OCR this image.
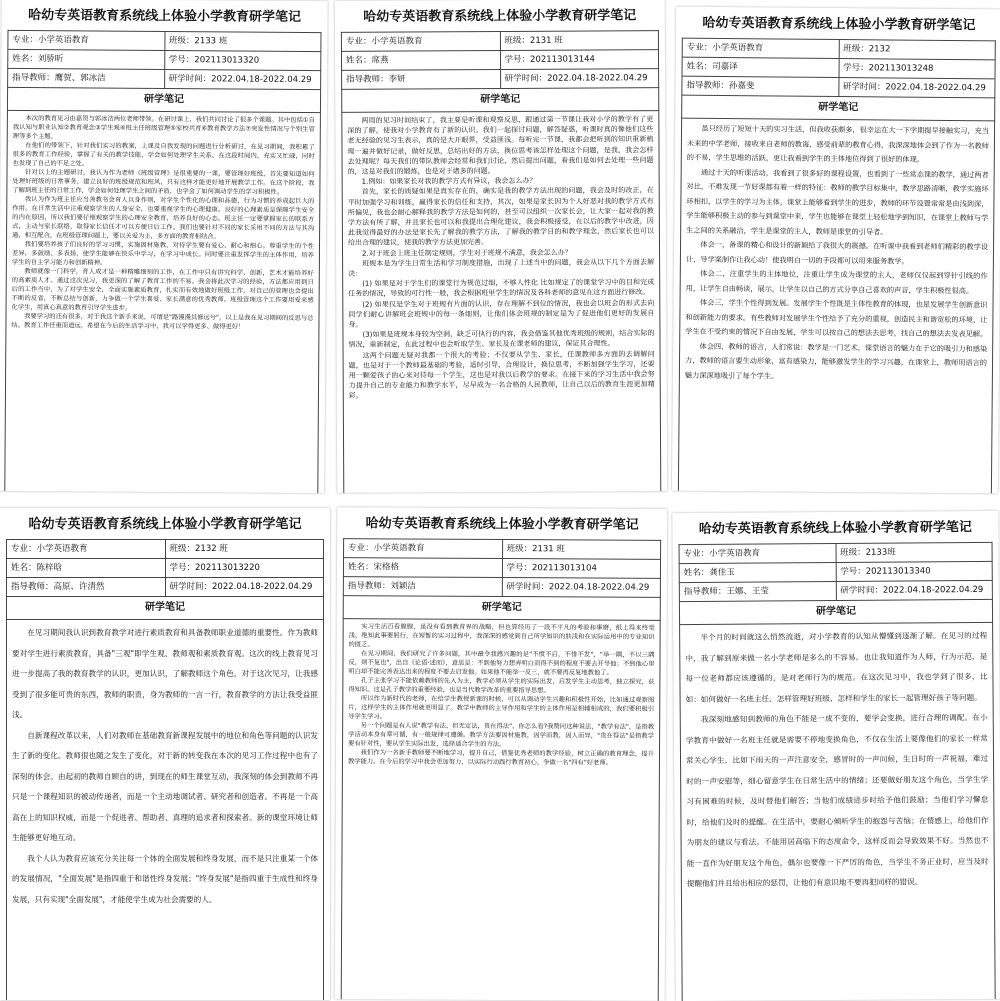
哈幼专英语教育系统线上体验小学教育研学笔记
专业：小学英语教育	班级：2133 班
姓名：刘骄昕	学号：202113013320
指导教师：鹰贺、郭冰洁	研学时间：2022.04.18-2022.04.29
研学笔记

本次的教育见习由嘉贺与郭冰洁两位老师带领。在研讨课上，我们共同讨论了很多个课题。其中包括①自我认知与职业认知②教育观念③学生观④班主任班级管理⑤家校共育⑥教育教学方法⑦突发性情况与个别生管理等多个主题。

在他们的带领下，针对我们实习的教案，上课及自我发现的问题进行分析研讨，在见习期间，我积累了很多的教育工作经验，掌握了有关的教学技能，学会如何处理学生关系。在这段时间内，充实又忙碌，同时也发现了自己的不足之处。

针对以上的主题研讨，我认为作为老师《班级管理》是很重要的一课，要管理好班级，首先要知道如何处理好班级的日常事务，建立良好的班级规范和班风，只有这样才能更好地开展教学工作。在这个阶段，我了解到班主任的日常工作，学会如何处理学生之间的矛盾，也学会了如何调动学生的学习积极性。

我认为作为班主任应当善教书会育人以身作则，对学生个性化的心理和品德，行为习惯的养成起巨大的作用。在日常生活中注重观察学生的人身安全，也要重视学生的心理健康。良好的心理素质是保障学生安全的内在原因，所以我们要仔细观察学生的心理安全教育，培养良好的心态。班主任一定要掌握家长的联系方式，主动与家长联络，取得家长信任才可以方便日后工作。我们也要针对不同的家长采用不同的方法与其沟通，相互配合，在班级管理问题上，要以关爱为主，多方面的教育相结合。

我们要培养孩子们良好的学习习惯，实施因材施教，对待学生要有爱心、耐心和细心。尊重学生的个性差异，多鼓励、多表扬，使学生能够在快乐中学习，在学习中成长。同时要注重发挥学生的主体作用，培养学生的自主学习能力和创新精神。

教师就像一门科学，育人成才是一种精雕细刻的工作，在工作中只有讲究科学、创新，艺术才能培养好的高素质人才。通过这次见习，我更深的了解了教育工作的不易。我会将此次学习的经验，方法都应用到日后的工作当中，为了对学生安全，全面实施素质教育，扎实而有效地做好班级工作，对自己的管理也会提出不断的反省，不断总结与创新，力争做一个学生喜爱、家长满意的优秀教师。班级管理这个工作要用爱来感化学生，用真心真意的教育引导学生进步。

我要学习的还有很多，对于我这个新手来说，可谓是"路漫漫其修远兮"，以上是我在见习期间的反思与总结。教育工作任重而道远，希望在今后的生活学习中，我可以学得更多、做得更好！

哈幼专英语教育系统线上体验小学教育研学笔记
专业：小学英语教育	班级：2131 班
姓名：席燕	学号：202113013144
指导教师：李妍	研学时间：2022.04.18-2022.04.29
研学笔记

两周的见习时间结束了，我主要是听课和观察反思，跟通过第一节课让我对小学的教学有了更深的了解，使我对小学教育有了新的认识。我们一起探讨问题，解答疑惑，听课时真的像他们这些老无经验的见习生表示，真的是大开眼界，受益匪浅。每听完一节课，我都会把听到的知识重新梳理一遍并做好记录，做好反思，总结出好的方法，换位思考该怎样处理这个问题，是我，我会怎样去处理呢？每天我们的带队教师会经常和我们讨论，然后提出问题，看我们是如何去处理一些问题的，这是对我们的锻炼，也是对于诸多的问题。

1.例如：如果家长对我的教学方式有异议，我会怎么办？

首先，家长的质疑如果是真实存在的，确实是我的教学方法出现的问题，我会及时的改正，在平时加强学习和训练，赢得家长的信任和支持，其次，如果是家长因为个人好恶对我的教学方式有所偏见，我也会耐心解释我的教学方法是如何的，甚至可以组织一次家长会，让大家一起对我的教学方法有所了解，并且家长也可以和我提出合理化建议，我会积极接受，在以后的教学中改进，因此我觉得最好的办法是家长先了解我的教学方法，了解我的教学目的和教学理念，然后家长也可以给出合理的建议，使我的教学方法更加完善。

2.对于班会上班主任制定规则，学生对于班规不满意，我会怎么办？

班规本是为学生日常生活和学习制度措施，出现了上述当中的问题，我会从以下几个方面去解决：

(1) 如果是对于学生们的课堂行为规范过细，不够人性化 比如规定了的课堂学习中的目和完成任务的情况，导致的可行性一般，我会根据班里学生的情况及各科老师的意见在这方面进行修改。

(2) 如果仅是学生对于班规有片面的认识，存在理解不到位的情况，我也会以班会的形式去向同学们耐心讲解班会班规中的每一条细则，让他们体会班规的制定是为了促进他们更好的发展自身。

(3)如果是班规本身较为空洞，缺乏可执行的内容，我会借鉴其他优秀班级的规则，结合实际的情况，重新制定，在此过程中也会听取学生、家长及在课老师的建议，保证其合理性。

这两个问题无疑对我都一个很大的考验；不仅要从学生、家长，任课教师多方面的去调解问题，也是对于一个教师最基础的考验，适时引导，合理设计，换位思考，不断加强学生学习，还要用一颗爱孩子的心来对待每一个学生，这也是对我以后教学的要求。在接下来的学习生活中我会努力提升自己的专业能力和教学水平，尽早成为一名合格的人民教师，让自己以后的教育生涯更加精彩。

哈幼专英语教育系统线上体验小学教育研学笔记
专业：小学英语教育	班级：2132
姓名：司嘉译	学号：202113013248
指导教师：孙嘉斐	研学时间：2022.04.18-2022.04.29
研学笔记

虽只经历了短短十天的实习生活，但我收获颇多，很幸运在大一下学期提早接触实习，充当未来的中学老师，接收来自老师的教诲，感受前辈的教育心得，我深深地体会到了作为一名教师的不易，学生思维的活跃，更让我看到学生的主体地位得到了很好的体现。

通过十天的听课活动，我看到了很多好的课程设置，也看到了一些常态课的教学，通过两者对比，不难发现一节好课都有着一样的特征：教师的教学目标集中，教学思路清晰，教学实施环环相扣，以学生的学习为主体，课堂上能够看到学生的进步，教师的环节设置常常是由浅到深，学生能够积极主动的参与到课堂中来，学生也能够在课堂上轻松地学到知识，在课堂上教师与学生之间的关系融洽，学生是课堂的主人，教师是课堂的引导者。

体会一，备课的精心和设计的新颖给了我很大的震撼。在听课中我看到老师们精彩的教学设计，导学案制作让我心动！使我明白一切的手段都可以用来服务教学。

体会二，注重学生的主体地位，注重让学生成为课堂的主人，老师仅仅起到穿针引线的作用，让学生自由畅谈，展示，让学生以自己的方式分享自己喜欢的声音，学生积极性很高。

体会三，学生个性得到发展。发展学生个性既是主体性教育的体现，也是发展学生创新意识和创新能力的要求。有些教师对发展学生个性给予了充分的重视，创造民主和谐宽松的环境，让学生在不受约束的情况下自由发展，学生可以按自己的想法去思考，找自己的想法去发表见解。

体会四，教师的语言，人们常说：教学是一门艺术，课堂语言的魅力在于它的吸引力和感染力，教师的语言要生动形象，富有感染力，能够激发学生的学习兴趣，在课堂上，教师用语言的魅力深深地吸引了每个学生。

哈幼专英语教育系统线上体验小学教育研学笔记
专业：小学英语教育	班级：2132 班
姓名：陈梓晗	学号：202113013220
指导教师：高原、许清然	研学时间：2022.04.18-2022.04.29
研学笔记

在见习期间我认识到教育教学对进行素质教育和具备教师职业道德的重要性。作为教师要对学生进行素质教育，具备"三观"即学生观、教师观和素质教育观。这次的线上教育见习进一步提高了我的教育教学的认识，更加认识，了解教师这个角色，对于这次见习，让我感受到了很多能可贵的东西，教师的职责，身为教师的一言一行，教育教学的方法让我受益匪浅。

自新课程改革以来，人们对教师在基础教育新课程发展中的地位和角色等问题的认识发生了新的变化。教师很也随之发生了变化，对于新的转变我在本次的见习工作过程中也有了深刻的体会。由起初的教师自顾自的讲，到现在的师生课堂互动，我深刻的体会到教师不再只是一个课程知识的被动传递者，而是一个主动地调试者、研究者和创造者。不再是一个高高在上的知识权威，而是一个促进者、帮助者、真理的追求者和探索者。新的课堂环境让师生能够更好地互动。

我个人认为教育应该充分关注每一个体的全面发展和终身发展，而不是只注重某一个体的发展情况，"全面发展"是指四重于和谐性终身发展；"终身发展"是指四重于生成性和终身发展，只有实现"全面发展"，才能使学生成为社会需要的人。

哈幼专英语教育系统线上体验小学教育研学笔记
专业：小学英语教育	班级：2131 班
姓名：宋格格	学号：202113013104
指导教师：刘颖洁	研学时间：2022.04.18-2022.04.29
研学笔记

实习生活百看腺腺，虽没有看到教育界的战略，但也算经历了一段不平凡的考验和事磨，纸上得来终觉浅，绝知此事要躬行，在短暂的实习过程中，我深深的感觉到自己所学知识的肤浅和在实际运用中的专业知识的匮乏。

在见习期间，我们研究了许多问题，其中最令我感兴趣的是"不愤不启，不悱不发"，"举一隅，不以三隅反，则不复也"，出自《论语·述而》，意思是：不到他努力想弄明白而得不到的程度不要去开导他；不到他心里明白却不能完善表达出来的程度不要去启发他。如果他不能举一反三，就不要再反复地教他了。

孔子主张学习不能依赖教师的先入为主，教学必须从学生的实际出发，启发学生主动思考，独立探究，获得知识。这是孔子教学的重要经验，也是当代教学改革的重要指导思想。

所以作为新时代的老师，在给学生教授新课的时候，可以从调动学生兴趣和积极性开始，比如通过观察图片，这样学生的主体作用就更明显了。教学中教师的主导作用和学生的主体作用是相辅相成的，我们要积极引导学生学习。

另一个问题是有人说"教学有法、但无定法，贵在得法"，你怎么看?我赞同这种说法，"教学有法"，是指教学活动本身有章可循，有一般规律可遵循。教学方法要因材施教，因学而教，因人而异，"贵在得法"是指教学要有针对性，要从学生实际出发，选择适合学生的方法。

我们作为一名新手教师要不断地学习，提升自己，借鉴优秀老师的教学经验，树立正确的教育理念，提升教学能力。在今后的学习中我会更加努力，以实际行动践行教育初心，争做一名"四有"好老师。

哈幼专英语教育系统线上体验小学教育研学笔记
专业：小学英语教育	班级：2133班
姓名：龚佳玉	学号：202113013340
指导教师：王娜、王莹	研学时间：2022.04.18-2022.04.29
研学笔记

半个月的时间就这么悄然流逝，对小学教育的认知从懵懂到逐渐了解。在见习的过程中，我了解到原来做一名小学老师是多么的不容易。也让我知道作为人师，行为示范，是每一位老师都应该遵循的，是对老师行为的规范。在这次见习中，我也学到了很多，比如：如何做好一名班主任、怎样管理好班级、怎样和学生的家长一起管理好孩子等问题。

我深刻地感知到教师的角色不能是一成不变的，要学会变换，进行合理的调配。在小学教育中做好一名班主任就是需要不停地变换角色，不仅在生活上要像他们的家长一样常常关心学生，比如下雨天的一声注意安全，感冒时的一声问候，生日时的一声祝福，难过时的一声安慰等，细心留意学生在日常生活中的情绪；还要做好朋友这个角色，当学生学习有困难的时候，及时替他们解答；当他们成绩进步时给予他们鼓励；当他们学习懈怠时，给他们及时的提醒。在生活中，要耐心倾听学生的抱怨与苦恼；在情感上，给他们作为朋友的建议与看法。不能用居高临下的态度命令，这样反而会导致效果不好。当然也不能一直作为好朋友这个角色，偶尔也要像一下严厉的角色，当学生不务正业时，应当及时提醒他们并且给出相应的惩罚，让他们有意识地不要再犯同样的错误。
